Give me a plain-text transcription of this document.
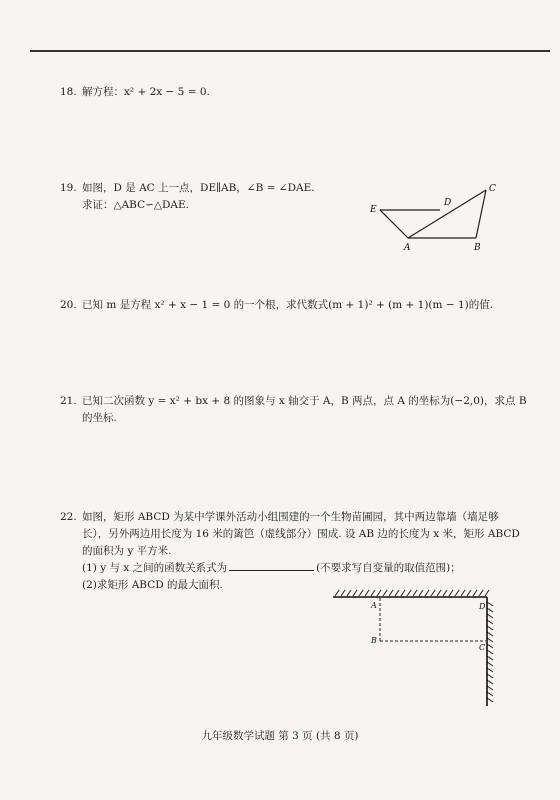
18. 解方程：x² + 2x − 5 = 0.
19. 如图，D 是 AC 上一点，DE∥AB，∠B = ∠DAE.
求证：△ABC∽△DAE.	E
A	B
C
D
20. 已知 m 是方程 x² + x − 1 = 0 的一个根，求代数式(m + 1)² + (m + 1)(m − 1)的值.
21. 已知二次函数 y = x² + bx + 8 的图象与 x 轴交于 A，B 两点，点 A 的坐标为(−2,0)，求点 B
的坐标.
22. 如图，矩形 ABCD 为某中学课外活动小组围建的一个生物苗圃园，其中两边靠墙（墙足够
长），另外两边用长度为 16 米的篱笆（虚线部分）围成. 设 AB 边的长度为 x 米，矩形 ABCD
的面积为 y 平方米.
(1) y 与 x 之间的函数关系式为	(不要求写自变量的取值范围)；
(2)求矩形 ABCD 的最大面积.
A
B
C
D
九年级数学试题 第 3 页 (共 8 页)
